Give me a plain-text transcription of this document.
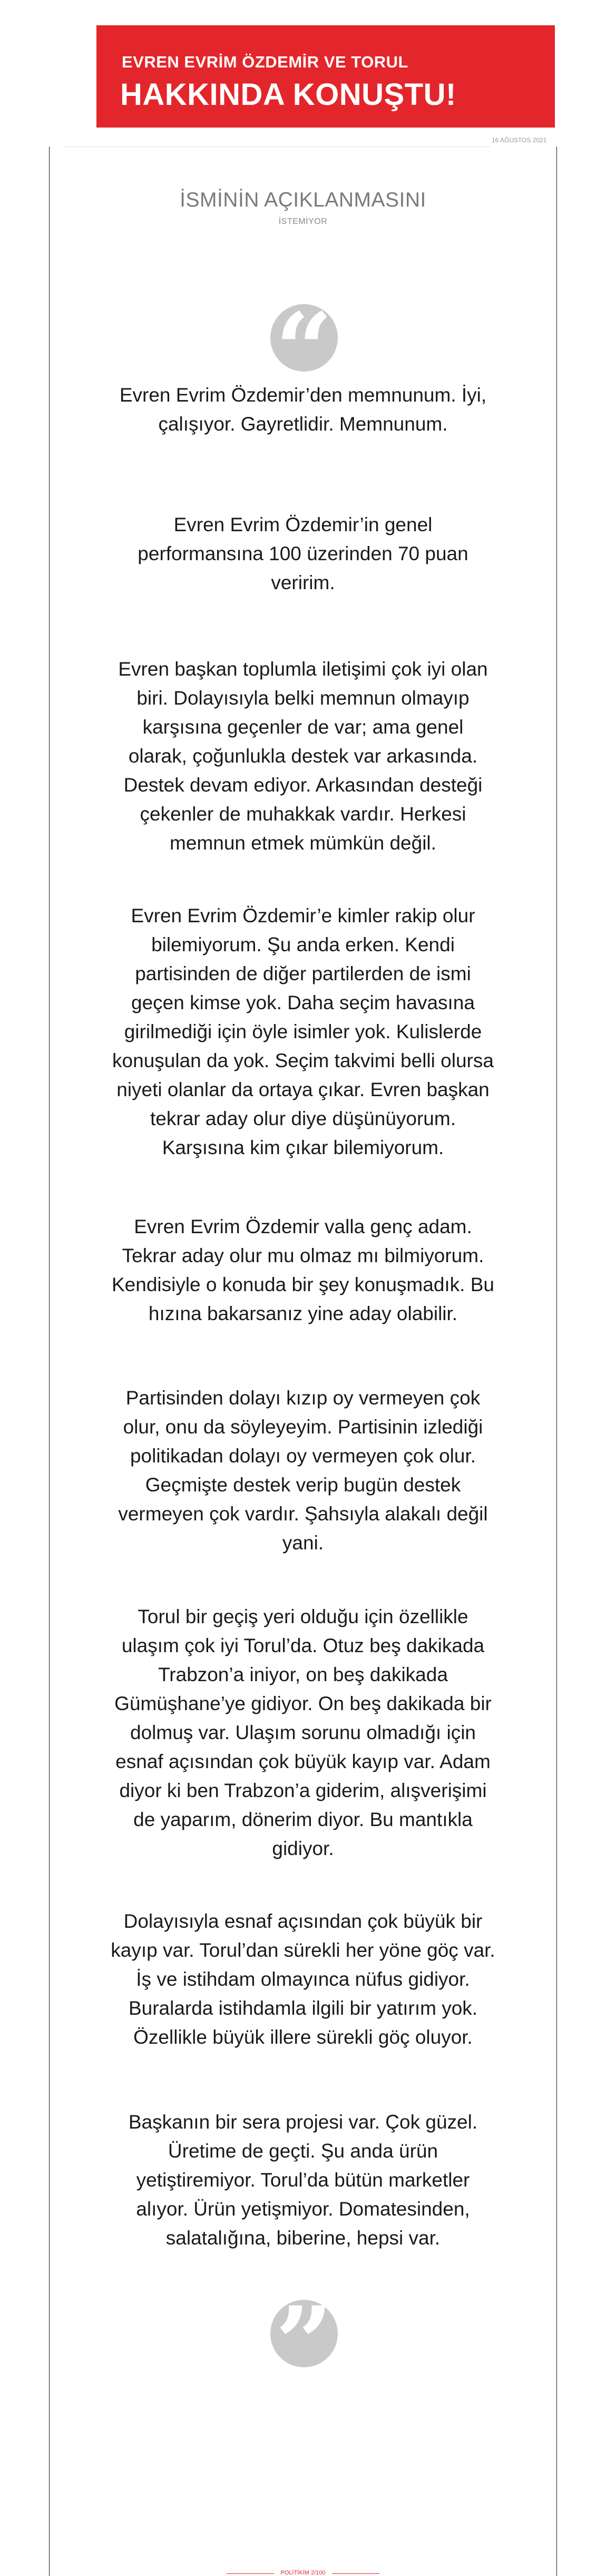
EVREN EVRİM ÖZDEMİR VE TORUL
HAKKINDA KONUŞTU!
16 AĞUSTOS 2021
İSMİNİN AÇIKLANMASINI
İSTEMİYOR
“

Evren Evrim Özdemir’den memnunum. İyi, çalışıyor. Gayretlidir. Memnunum.

Evren Evrim Özdemir’in genel performansına 100 üzerinden 70 puan veririm.

Evren başkan toplumla iletişimi çok iyi olan biri. Dolayısıyla belki memnun olmayıp karşısına geçenler de var; ama genel olarak, çoğunlukla destek var arkasında. Destek devam ediyor. Arkasından desteği çekenler de muhakkak vardır. Herkesi memnun etmek mümkün değil.

Evren Evrim Özdemir’e kimler rakip olur bilemiyorum. Şu anda erken. Kendi partisinden de diğer partilerden de ismi geçen kimse yok. Daha seçim havasına girilmediği için öyle isimler yok. Kulislerde konuşulan da yok. Seçim takvimi belli olursa niyeti olanlar da ortaya çıkar. Evren başkan tekrar aday olur diye düşünüyorum. Karşısına kim çıkar bilemiyorum.

Evren Evrim Özdemir valla genç adam. Tekrar aday olur mu olmaz mı bilmiyorum. Kendisiyle o konuda bir şey konuşmadık. Bu hızına bakarsanız yine aday olabilir.

Partisinden dolayı kızıp oy vermeyen çok olur, onu da söyleyeyim. Partisinin izlediği politikadan dolayı oy vermeyen çok olur. Geçmişte destek verip bugün destek vermeyen çok vardır. Şahsıyla alakalı değil yani.

Torul bir geçiş yeri olduğu için özellikle ulaşım çok iyi Torul’da. Otuz beş dakikada Trabzon’a iniyor, on beş dakikada Gümüşhane’ye gidiyor. On beş dakikada bir dolmuş var. Ulaşım sorunu olmadığı için esnaf açısından çok büyük kayıp var. Adam diyor ki ben Trabzon’a giderim, alışverişimi de yaparım, dönerim diyor. Bu mantıkla gidiyor.

Dolayısıyla esnaf açısından çok büyük bir kayıp var. Torul’dan sürekli her yöne göç var. İş ve istihdam olmayınca nüfus gidiyor. Buralarda istihdamla ilgili bir yatırım yok. Özellikle büyük illere sürekli göç oluyor.

Başkanın bir sera projesi var. Çok güzel. Üretime de geçti. Şu anda ürün yetiştiremiyor. Torul’da bütün marketler alıyor. Ürün yetişmiyor. Domatesinden, salatalığına, biberine, hepsi var.

”
POLİTİKİM 2/100
